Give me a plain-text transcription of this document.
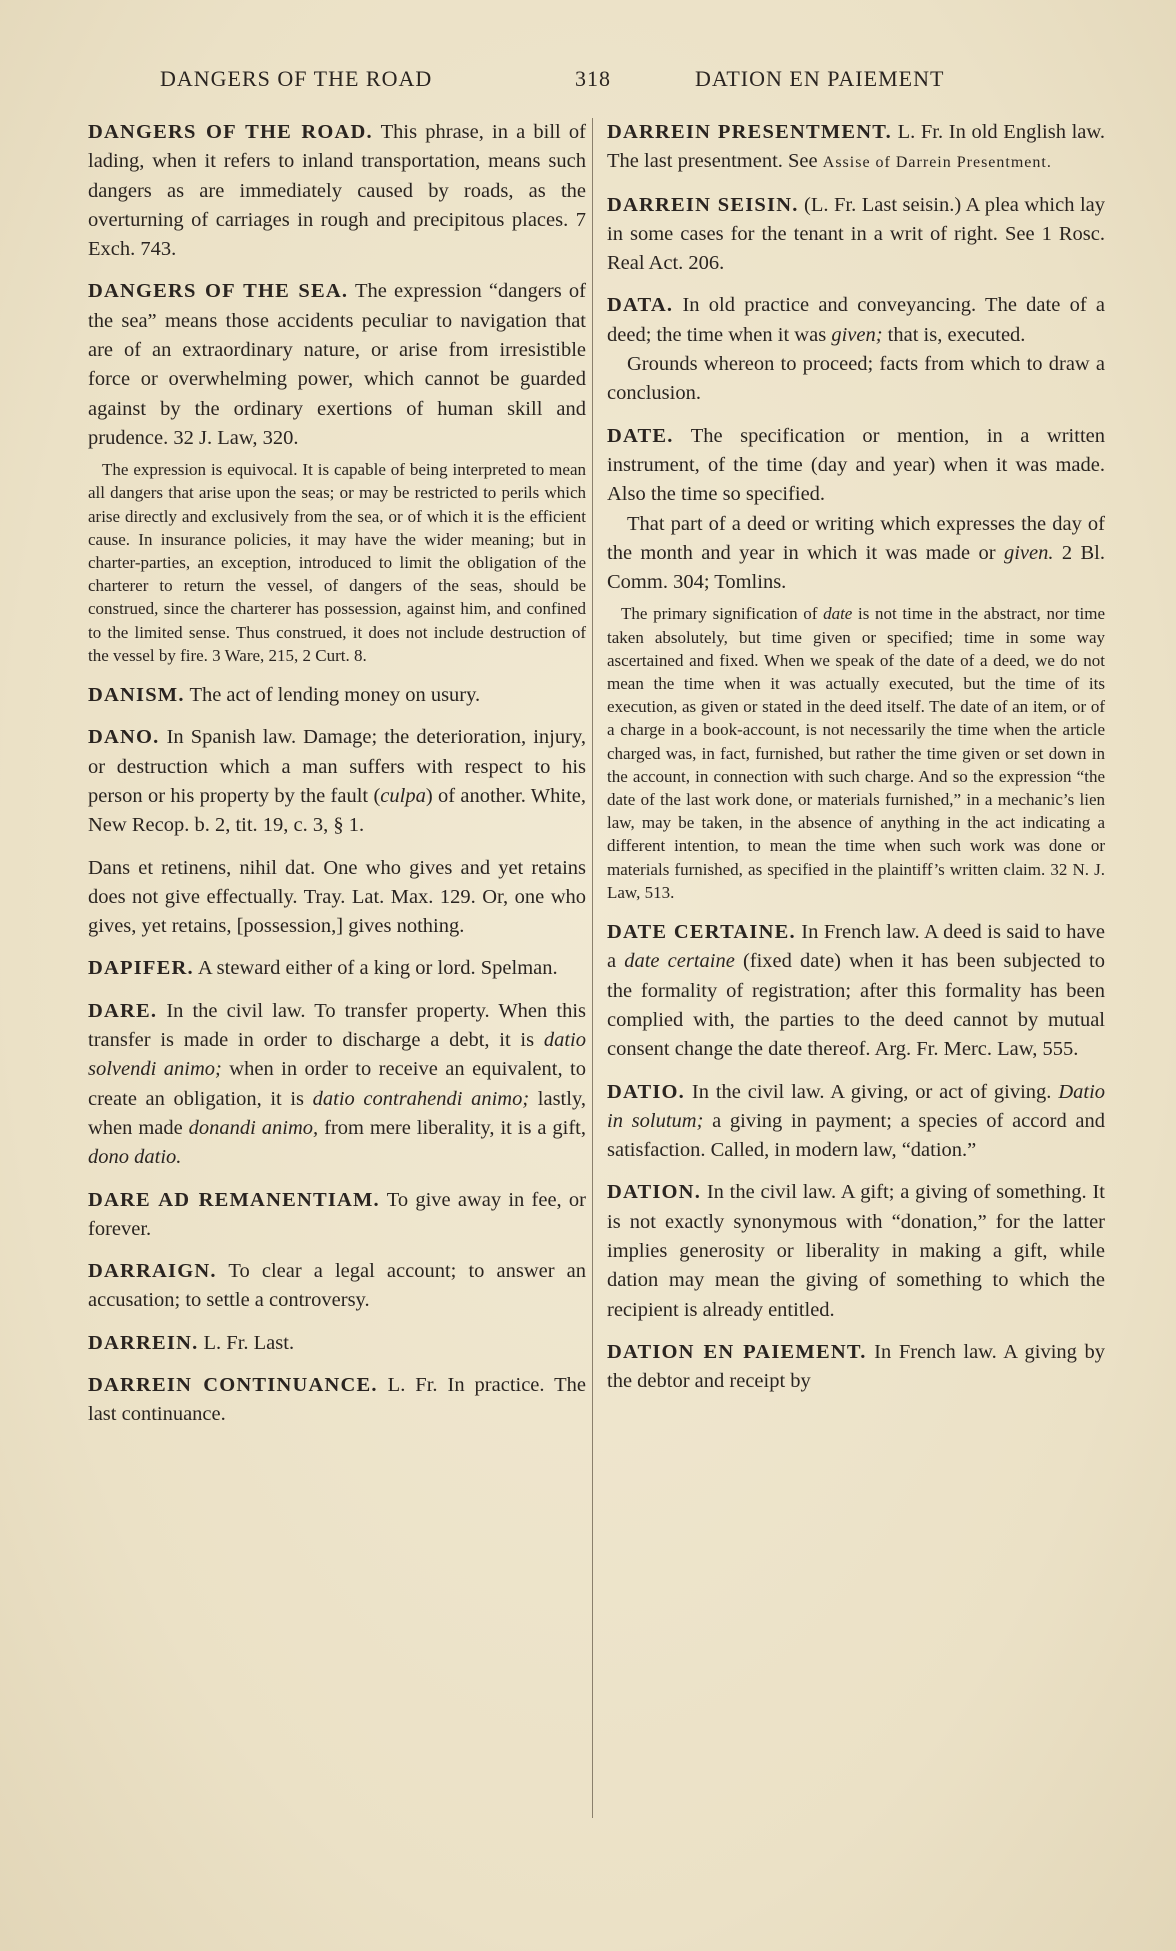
DANGERS OF THE ROAD	318	DATION EN PAIEMENT

DANGERS OF THE ROAD. This phrase, in a bill of lading, when it refers to inland transportation, means such dangers as are immediately caused by roads, as the overturning of carriages in rough and precipitous places. 7 Exch. 743.

DANGERS OF THE SEA. The expression “dangers of the sea” means those accidents peculiar to navigation that are of an extraordinary nature, or arise from irresistible force or overwhelming power, which cannot be guarded against by the ordinary exertions of human skill and prudence. 32 J. Law, 320.

The expression is equivocal. It is capable of being interpreted to mean all dangers that arise upon the seas; or may be restricted to perils which arise directly and exclusively from the sea, or of which it is the efficient cause. In insurance policies, it may have the wider meaning; but in charter-parties, an exception, introduced to limit the obligation of the charterer to return the vessel, of dangers of the seas, should be construed, since the charterer has possession, against him, and confined to the limited sense. Thus construed, it does not include destruction of the vessel by fire. 3 Ware, 215, 2 Curt. 8.

DANISM. The act of lending money on usury.

DANO. In Spanish law. Damage; the deterioration, injury, or destruction which a man suffers with respect to his person or his property by the fault (culpa) of another. White, New Recop. b. 2, tit. 19, c. 3, § 1.

Dans et retinens, nihil dat. One who gives and yet retains does not give effectually. Tray. Lat. Max. 129. Or, one who gives, yet retains, [possession,] gives nothing.

DAPIFER. A steward either of a king or lord. Spelman.

DARE. In the civil law. To transfer property. When this transfer is made in order to discharge a debt, it is datio solvendi animo; when in order to receive an equivalent, to create an obligation, it is datio contrahendi animo; lastly, when made donandi animo, from mere liberality, it is a gift, dono datio.

DARE AD REMANENTIAM. To give away in fee, or forever.

DARRAIGN. To clear a legal account; to answer an accusation; to settle a controversy.

DARREIN. L. Fr. Last.

DARREIN CONTINUANCE. L. Fr. In practice. The last continuance.

DARREIN PRESENTMENT. L. Fr. In old English law. The last presentment. See Assise of Darrein Presentment.

DARREIN SEISIN. (L. Fr. Last seisin.) A plea which lay in some cases for the tenant in a writ of right. See 1 Rosc. Real Act. 206.

DATA. In old practice and conveyancing. The date of a deed; the time when it was given; that is, executed.

Grounds whereon to proceed; facts from which to draw a conclusion.

DATE. The specification or mention, in a written instrument, of the time (day and year) when it was made. Also the time so specified.

That part of a deed or writing which expresses the day of the month and year in which it was made or given. 2 Bl. Comm. 304; Tomlins.

The primary signification of date is not time in the abstract, nor time taken absolutely, but time given or specified; time in some way ascertained and fixed. When we speak of the date of a deed, we do not mean the time when it was actually executed, but the time of its execution, as given or stated in the deed itself. The date of an item, or of a charge in a book-account, is not necessarily the time when the article charged was, in fact, furnished, but rather the time given or set down in the account, in connection with such charge. And so the expression “the date of the last work done, or materials furnished,” in a mechanic’s lien law, may be taken, in the absence of anything in the act indicating a different intention, to mean the time when such work was done or materials furnished, as specified in the plaintiff’s written claim. 32 N. J. Law, 513.

DATE CERTAINE. In French law. A deed is said to have a date certaine (fixed date) when it has been subjected to the formality of registration; after this formality has been complied with, the parties to the deed cannot by mutual consent change the date thereof. Arg. Fr. Merc. Law, 555.

DATIO. In the civil law. A giving, or act of giving. Datio in solutum; a giving in payment; a species of accord and satisfaction. Called, in modern law, “dation.”

DATION. In the civil law. A gift; a giving of something. It is not exactly synonymous with “donation,” for the latter implies generosity or liberality in making a gift, while dation may mean the giving of something to which the recipient is already entitled.

DATION EN PAIEMENT. In French law. A giving by the debtor and receipt by
